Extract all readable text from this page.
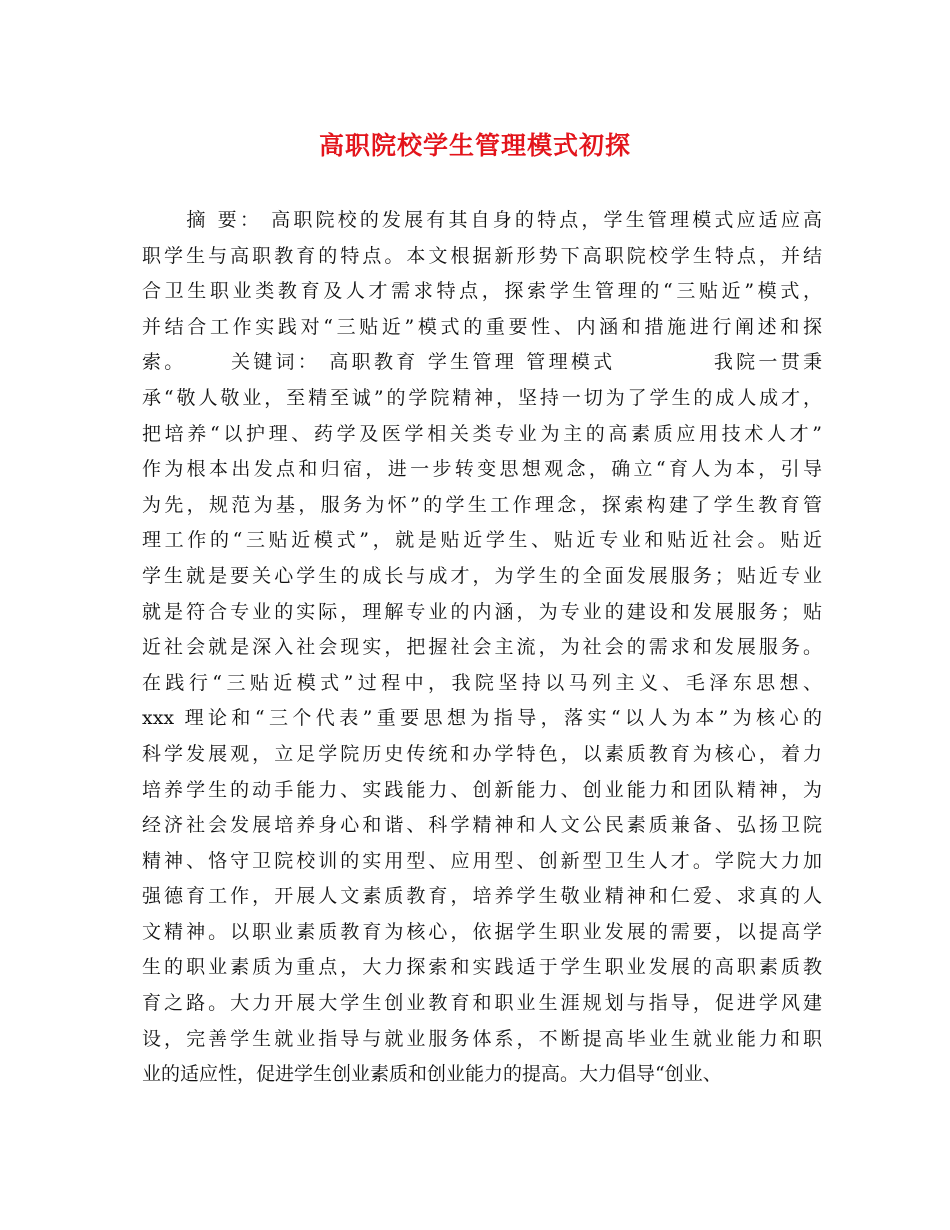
高职院校学生管理模式初探
　　摘 要： 高职院校的发展有其自身的特点，学生管理模式应适应高
职学生与高职教育的特点。本文根据新形势下高职院校学生特点，并结
合卫生职业类教育及人才需求特点，探索学生管理的“三贴近”模式，
并结合工作实践对“三贴近”模式的重要性、内涵和措施进行阐述和探
索。　　 关键词： 高职教育 学生管理 管理模式　　　　 我院一贯秉
承“敬人敬业，至精至诚”的学院精神，坚持一切为了学生的成人成才，
把培养“以护理、药学及医学相关类专业为主的高素质应用技术人才”
作为根本出发点和归宿，进一步转变思想观念，确立“育人为本，引导
为先，规范为基，服务为怀”的学生工作理念，探索构建了学生教育管
理工作的“三贴近模式”，就是贴近学生、贴近专业和贴近社会。贴近
学生就是要关心学生的成长与成才，为学生的全面发展服务；贴近专业
就是符合专业的实际，理解专业的内涵，为专业的建设和发展服务；贴
近社会就是深入社会现实，把握社会主流，为社会的需求和发展服务。
在践行“三贴近模式”过程中，我院坚持以马列主义、毛泽东思想、
xxx 理论和“三个代表”重要思想为指导，落实“以人为本”为核心的
科学发展观，立足学院历史传统和办学特色，以素质教育为核心，着力
培养学生的动手能力、实践能力、创新能力、创业能力和团队精神，为
经济社会发展培养身心和谐、科学精神和人文公民素质兼备、弘扬卫院
精神、恪守卫院校训的实用型、应用型、创新型卫生人才。学院大力加
强德育工作，开展人文素质教育，培养学生敬业精神和仁爱、求真的人
文精神。以职业素质教育为核心，依据学生职业发展的需要，以提高学
生的职业素质为重点，大力探索和实践适于学生职业发展的高职素质教
育之路。大力开展大学生创业教育和职业生涯规划与指导，促进学风建
设，完善学生就业指导与就业服务体系，不断提高毕业生就业能力和职
业的适应性，促进学生创业素质和创业能力的提高。大力倡导“创业、
